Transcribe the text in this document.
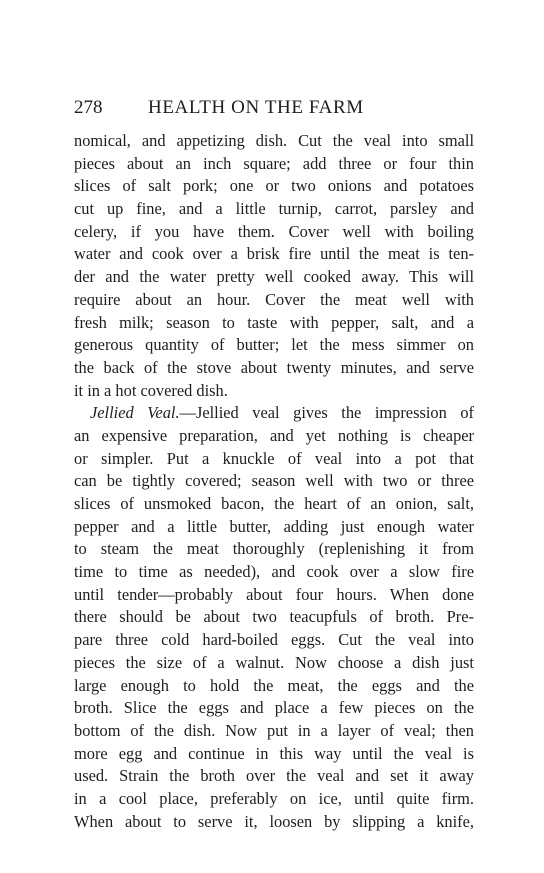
278 HEALTH ON THE FARM
nomical, and appetizing dish. Cut the veal into small
pieces about an inch square; add three or four thin
slices of salt pork; one or two onions and potatoes
cut up fine, and a little turnip, carrot, parsley and
celery, if you have them. Cover well with boiling
water and cook over a brisk fire until the meat is ten-
der and the water pretty well cooked away. This will
require about an hour. Cover the meat well with
fresh milk; season to taste with pepper, salt, and a
generous quantity of butter; let the mess simmer on
the back of the stove about twenty minutes, and serve
it in a hot covered dish.
Jellied Veal.—Jellied veal gives the impression of
an expensive preparation, and yet nothing is cheaper
or simpler. Put a knuckle of veal into a pot that
can be tightly covered; season well with two or three
slices of unsmoked bacon, the heart of an onion, salt,
pepper and a little butter, adding just enough water
to steam the meat thoroughly (replenishing it from
time to time as needed), and cook over a slow fire
until tender—probably about four hours. When done
there should be about two teacupfuls of broth. Pre-
pare three cold hard-boiled eggs. Cut the veal into
pieces the size of a walnut. Now choose a dish just
large enough to hold the meat, the eggs and the
broth. Slice the eggs and place a few pieces on the
bottom of the dish. Now put in a layer of veal; then
more egg and continue in this way until the veal is
used. Strain the broth over the veal and set it away
in a cool place, preferably on ice, until quite firm.
When about to serve it, loosen by slipping a knife,
